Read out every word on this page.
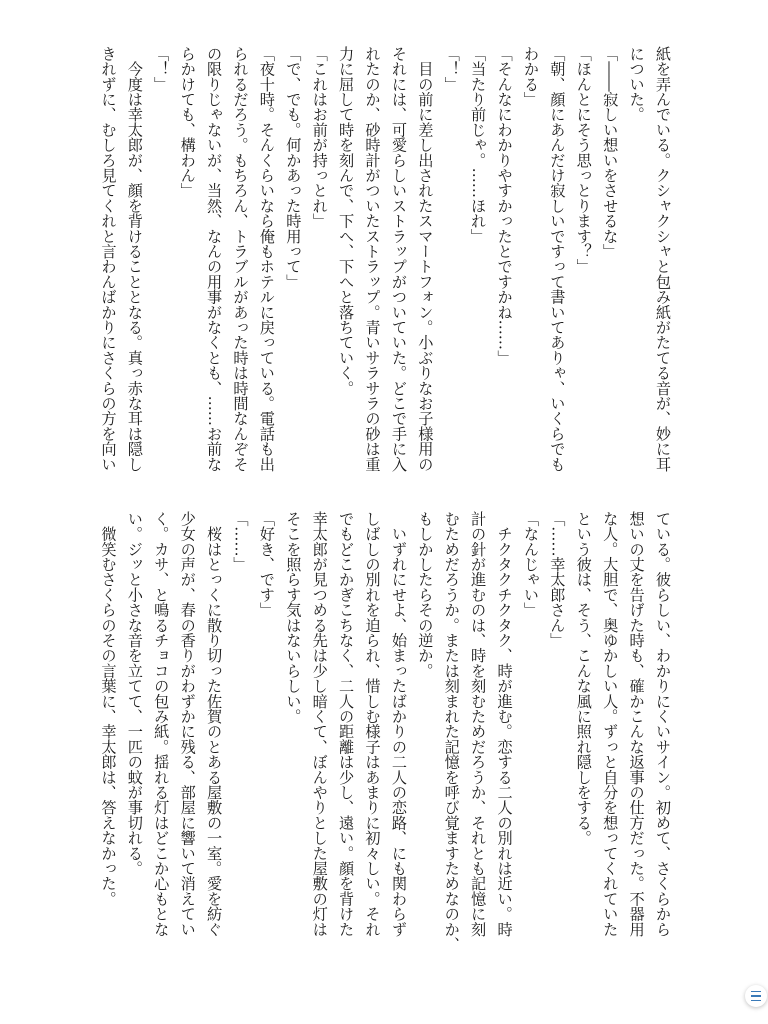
紙を弄んでいる。クシャクシャと包み紙がたてる音が、妙に耳
についた。
「――寂しい想いをさせるな」
「ほんとにそう思っとります？」
「朝、顔にあんだけ寂しいですって書いてありゃ、いくらでも
わかる」
「そんなにわかりやすかったとですかね……」
「当たり前じゃ。……ほれ」
「！」
　目の前に差し出されたスマートフォン。小ぶりなお子様用の
それには、可愛らしいストラップがついていた。どこで手に入
れたのか、砂時計がついたストラップ。青いサラサラの砂は重
力に屈して時を刻んで、下へ、下へと落ちていく。
「これはお前が持っとれ」
「で、でも。何かあった時用って」
「夜十時。そんくらいなら俺もホテルに戻っている。電話も出
られるだろう。もちろん、トラブルがあった時は時間なんぞそ
の限りじゃないが、当然、なんの用事がなくとも、……お前な
らかけても、構わん」
「！」
　今度は幸太郎が、顔を背けることとなる。真っ赤な耳は隠し
きれずに、むしろ見てくれと言わんばかりにさくらの方を向い
ている。彼らしい、わかりにくいサイン。初めて、さくらから
想いの丈を告げた時も、確かこんな返事の仕方だった。不器用
な人。大胆で、奥ゆかしい人。ずっと自分を想ってくれていた
という彼は、そう、こんな風に照れ隠しをする。
「……幸太郎さん」
「なんじゃい」
　チクタクチクタク、時が進む。恋する二人の別れは近い。時
計の針が進むのは、時を刻むためだろうか、それとも記憶に刻
むためだろうか。または刻まれた記憶を呼び覚ますためなのか、
もしかしたらその逆か。
　いずれにせよ、始まったばかりの二人の恋路、にも関わらず
しばしの別れを迫られ、惜しむ様子はあまりに初々しい。それ
でもどこかぎこちなく、二人の距離は少し、遠い。顔を背けた
幸太郎が見つめる先は少し暗くて、ぼんやりとした屋敷の灯は
そこを照らす気はないらしい。
「好き、です」
「……」
　桜はとっくに散り切った佐賀のとある屋敷の一室。愛を紡ぐ
少女の声が、春の香りがわずかに残る、部屋に響いて消えてい
く。カサ、と鳴るチョコの包み紙。揺れる灯はどこか心もとな
い。ジッと小さな音を立てて、一匹の蚊が事切れる。
　微笑むさくらのその言葉に、幸太郎は、答えなかった。
